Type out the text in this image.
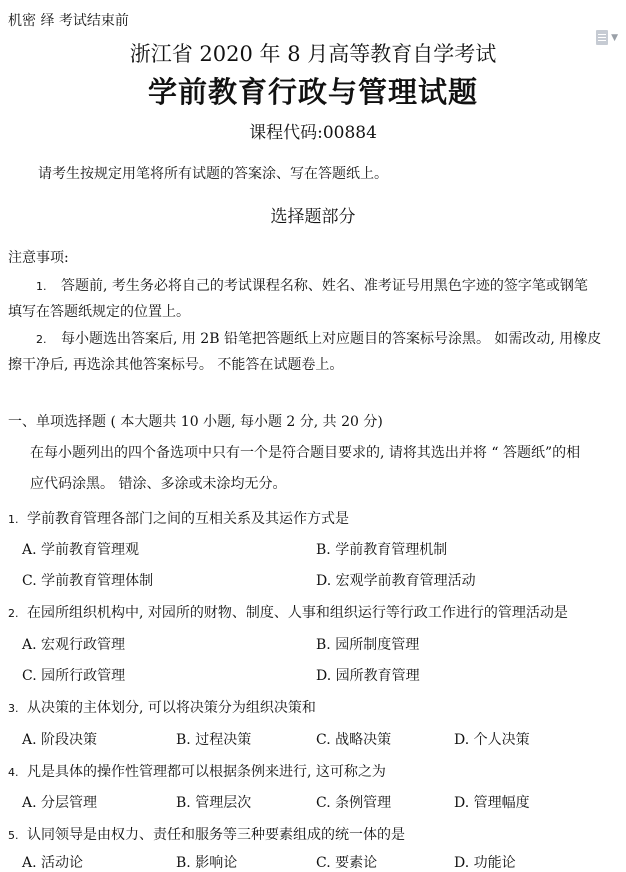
机密 绎 考试结束前
▼
浙江省 2020 年 8 月高等教育自学考试
学前教育行政与管理试题
课程代码:00884
请考生按规定用笔将所有试题的答案涂、写在答题纸上。
选择题部分
注意事项:
1. 答题前, 考生务必将自己的考试课程名称、姓名、准考证号用黑色字迹的签字笔或钢笔
填写在答题纸规定的位置上。
2. 每小题选出答案后, 用 2B 铅笔把答题纸上对应题目的答案标号涂黑。 如需改动, 用橡皮
擦干净后, 再选涂其他答案标号。 不能答在试题卷上。
一、单项选择题 ( 本大题共 10 小题, 每小题 2 分, 共 20 分)
在每小题列出的四个备选项中只有一个是符合题目要求的, 请将其选出并将 “ 答题纸”的相
应代码涂黑。 错涂、多涂或未涂均无分。
1. 学前教育管理各部门之间的互相关系及其运作方式是
A. 学前教育管理观	B. 学前教育管理机制
C. 学前教育管理体制	D. 宏观学前教育管理活动
2. 在园所组织机构中, 对园所的财物、制度、人事和组织运行等行政工作进行的管理活动是
A. 宏观行政管理	B. 园所制度管理
C. 园所行政管理	D. 园所教育管理
3. 从决策的主体划分, 可以将决策分为组织决策和
A. 阶段决策	B. 过程决策	C. 战略决策	D. 个人决策
4. 凡是具体的操作性管理都可以根据条例来进行, 这可称之为
A. 分层管理	B. 管理层次	C. 条例管理	D. 管理幅度
5. 认同领导是由权力、责任和服务等三种要素组成的统一体的是
A. 活动论	B. 影响论	C. 要素论	D. 功能论
